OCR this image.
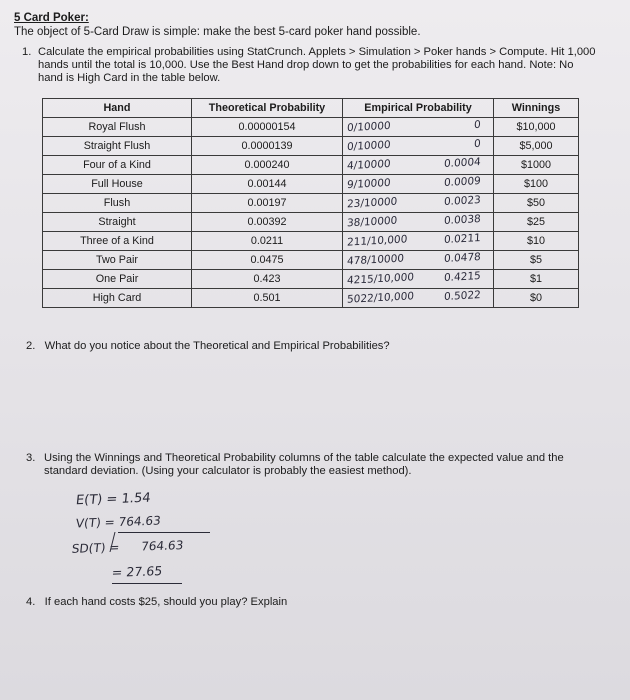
5 Card Poker:
The object of 5-Card Draw is simple: make the best 5-card poker hand possible.
1. Calculate the empirical probabilities using StatCrunch. Applets > Simulation > Poker hands > Compute. Hit 1,000 hands until the total is 10,000. Use the Best Hand drop down to get the probabilities for each hand. Note: No hand is High Card in the table below.
Hand	Theoretical Probability	Empirical Probability	Winnings
Royal Flush	0.00000154	0/10000 0	$10,000
Straight Flush	0.0000139	0/10000 0	$5,000
Four of a Kind	0.000240	4/10000 0.0004	$1000
Full House	0.00144	9/10000 0.0009	$100
Flush	0.00197	23/10000 0.0023	$50
Straight	0.00392	38/10000 0.0038	$25
Three of a Kind	0.0211	211/10,000 0.0211	$10
Two Pair	0.0475	478/10000 0.0478	$5
One Pair	0.423	4215/10,000 0.4215	$1
High Card	0.501	5022/10,000 0.5022	$0
2. What do you notice about the Theoretical and Empirical Probabilities?
3. Using the Winnings and Theoretical Probability columns of the table calculate the expected value and the standard deviation. (Using your calculator is probably the easiest method).
E(T) = 1.54
V(T) = 764.63
SD(T) = 764.63
= 27.65
4. If each hand costs $25, should you play? Explain
